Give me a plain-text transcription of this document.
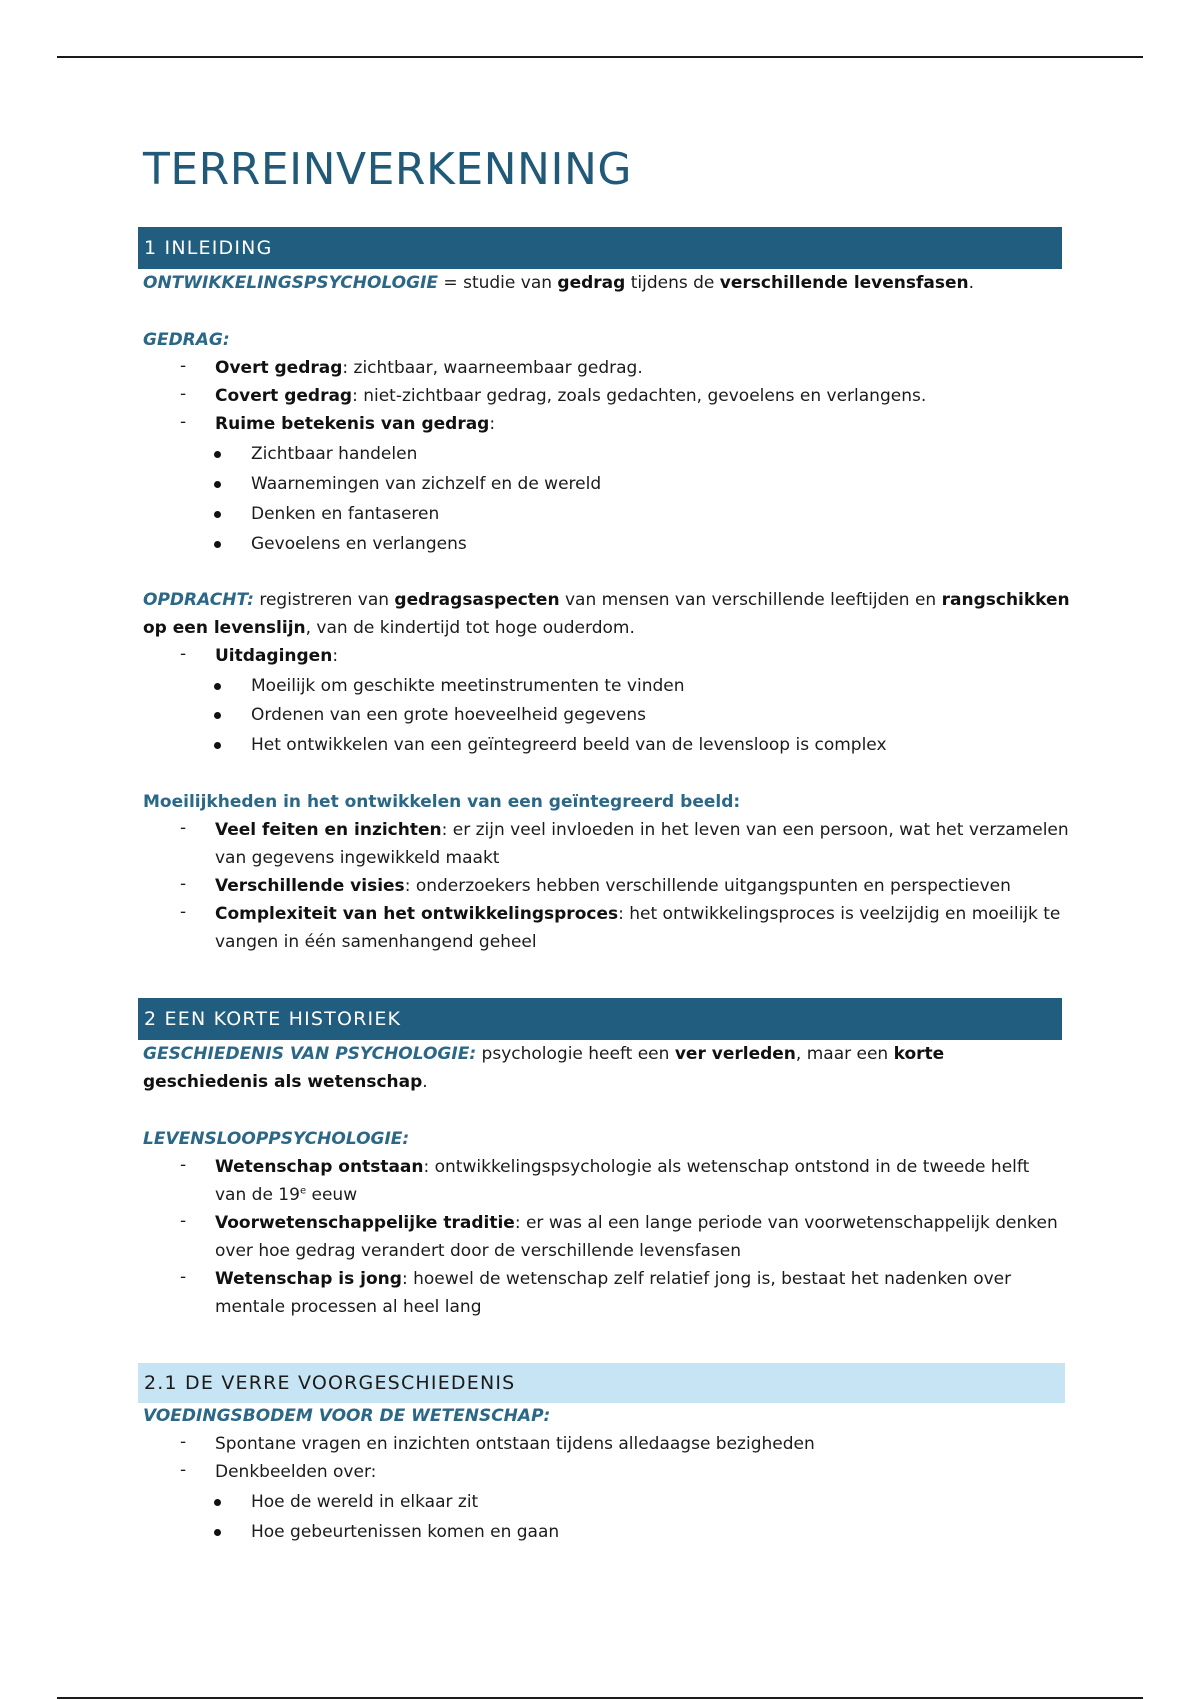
TERREINVERKENNING
1 INLEIDING
ONTWIKKELINGSPSYCHOLOGIE = studie van gedrag tijdens de verschillende levensfasen.
GEDRAG:
- Overt gedrag: zichtbaar, waarneembaar gedrag.
- Covert gedrag: niet-zichtbaar gedrag, zoals gedachten, gevoelens en verlangens.
- Ruime betekenis van gedrag:
Zichtbaar handelen
Waarnemingen van zichzelf en de wereld
Denken en fantaseren
Gevoelens en verlangens
OPDRACHT: registreren van gedragsaspecten van mensen van verschillende leeftijden en rangschikken
op een levenslijn, van de kindertijd tot hoge ouderdom.
- Uitdagingen:
Moeilijk om geschikte meetinstrumenten te vinden
Ordenen van een grote hoeveelheid gegevens
Het ontwikkelen van een geïntegreerd beeld van de levensloop is complex
Moeilijkheden in het ontwikkelen van een geïntegreerd beeld:
- Veel feiten en inzichten: er zijn veel invloeden in het leven van een persoon, wat het verzamelen
van gegevens ingewikkeld maakt
- Verschillende visies: onderzoekers hebben verschillende uitgangspunten en perspectieven
- Complexiteit van het ontwikkelingsproces: het ontwikkelingsproces is veelzijdig en moeilijk te
vangen in één samenhangend geheel
2 EEN KORTE HISTORIEK
GESCHIEDENIS VAN PSYCHOLOGIE: psychologie heeft een ver verleden, maar een korte
geschiedenis als wetenschap.
LEVENSLOOPPSYCHOLOGIE:
- Wetenschap ontstaan: ontwikkelingspsychologie als wetenschap ontstond in de tweede helft
van de 19e eeuw
- Voorwetenschappelijke traditie: er was al een lange periode van voorwetenschappelijk denken
over hoe gedrag verandert door de verschillende levensfasen
- Wetenschap is jong: hoewel de wetenschap zelf relatief jong is, bestaat het nadenken over
mentale processen al heel lang
2.1 DE VERRE VOORGESCHIEDENIS
VOEDINGSBODEM VOOR DE WETENSCHAP:
- Spontane vragen en inzichten ontstaan tijdens alledaagse bezigheden
- Denkbeelden over:
Hoe de wereld in elkaar zit
Hoe gebeurtenissen komen en gaan
